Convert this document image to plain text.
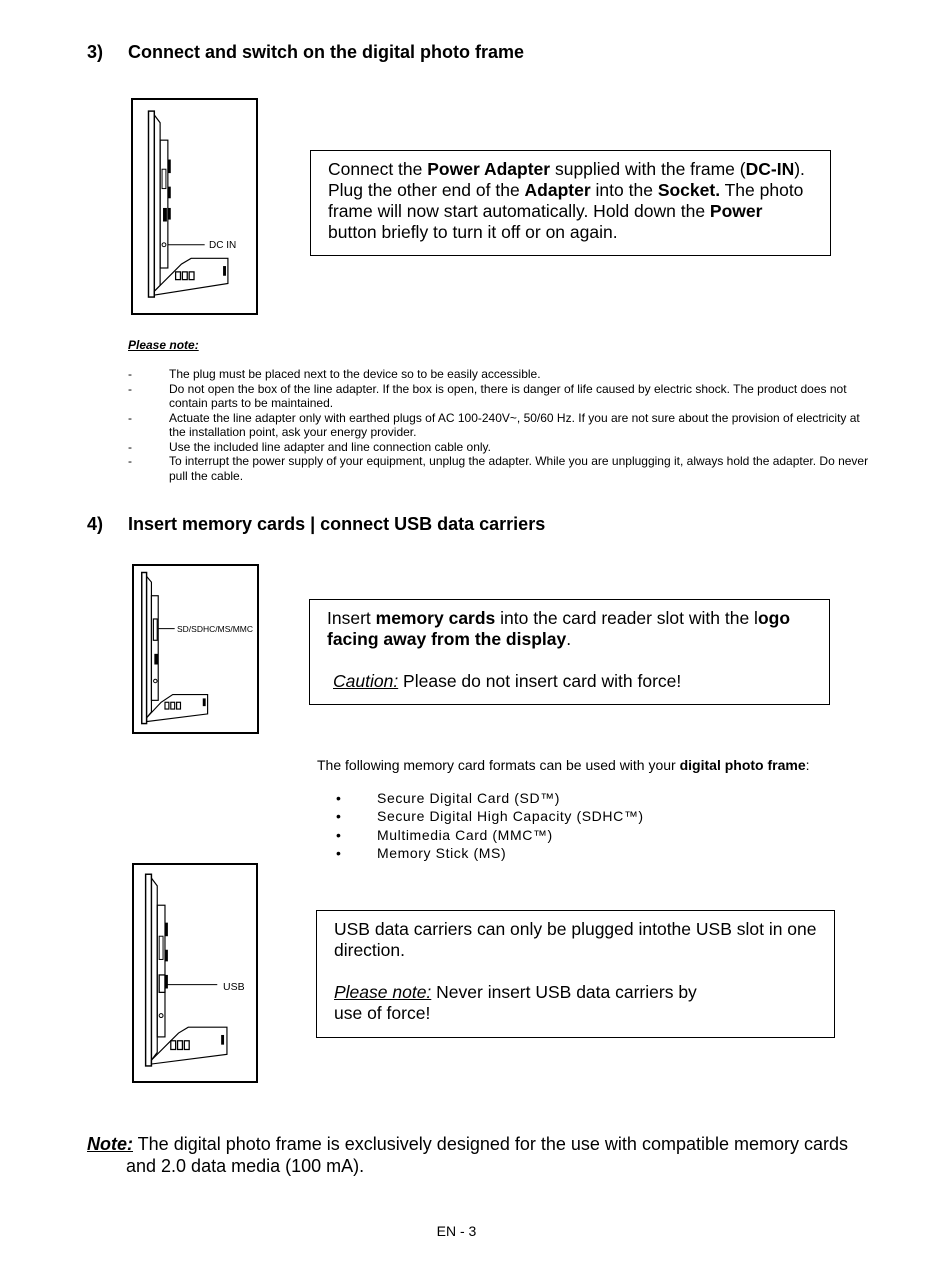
3) Connect and switch on the digital photo frame
DC IN

Connect the Power Adapter supplied with the frame (DC-IN). Plug the other end of the Adapter into the Socket. The photo frame will now start automatically. Hold down the Power button briefly to turn it off or on again.

Please note:
-	The plug must be placed next to the device so to be easily accessible.
-	Do not open the box of the line adapter. If the box is open, there is danger of life caused by electric shock. The product does not contain parts to be maintained.
-	Actuate the line adapter only with earthed plugs of AC 100-240V~, 50/60 Hz. If you are not sure about the provision of electricity at the installation point, ask your energy provider.
-	Use the included line adapter and line connection cable only.
-	To interrupt the power supply of your equipment, unplug the adapter. While you are unplugging it, always hold the adapter. Do never pull the cable.
4) Insert memory cards | connect USB data carriers
SD/SDHC/MS/MMC

Insert memory cards into the card reader slot with the logo facing away from the display.

Caution: Please do not insert card with force!

The following memory card formats can be used with your digital photo frame:
•	Secure Digital Card (SD™)
•	Secure Digital High Capacity (SDHC™)
•	Multimedia Card (MMC™)
•	Memory Stick (MS)
USB

USB data carriers can only be plugged intothe USB slot in one direction.

Please note: Never insert USB data carriers by use of force!

Note: The digital photo frame is exclusively designed for the use with compatible memory cards and 2.0 data media (100 mA).
EN - 3
